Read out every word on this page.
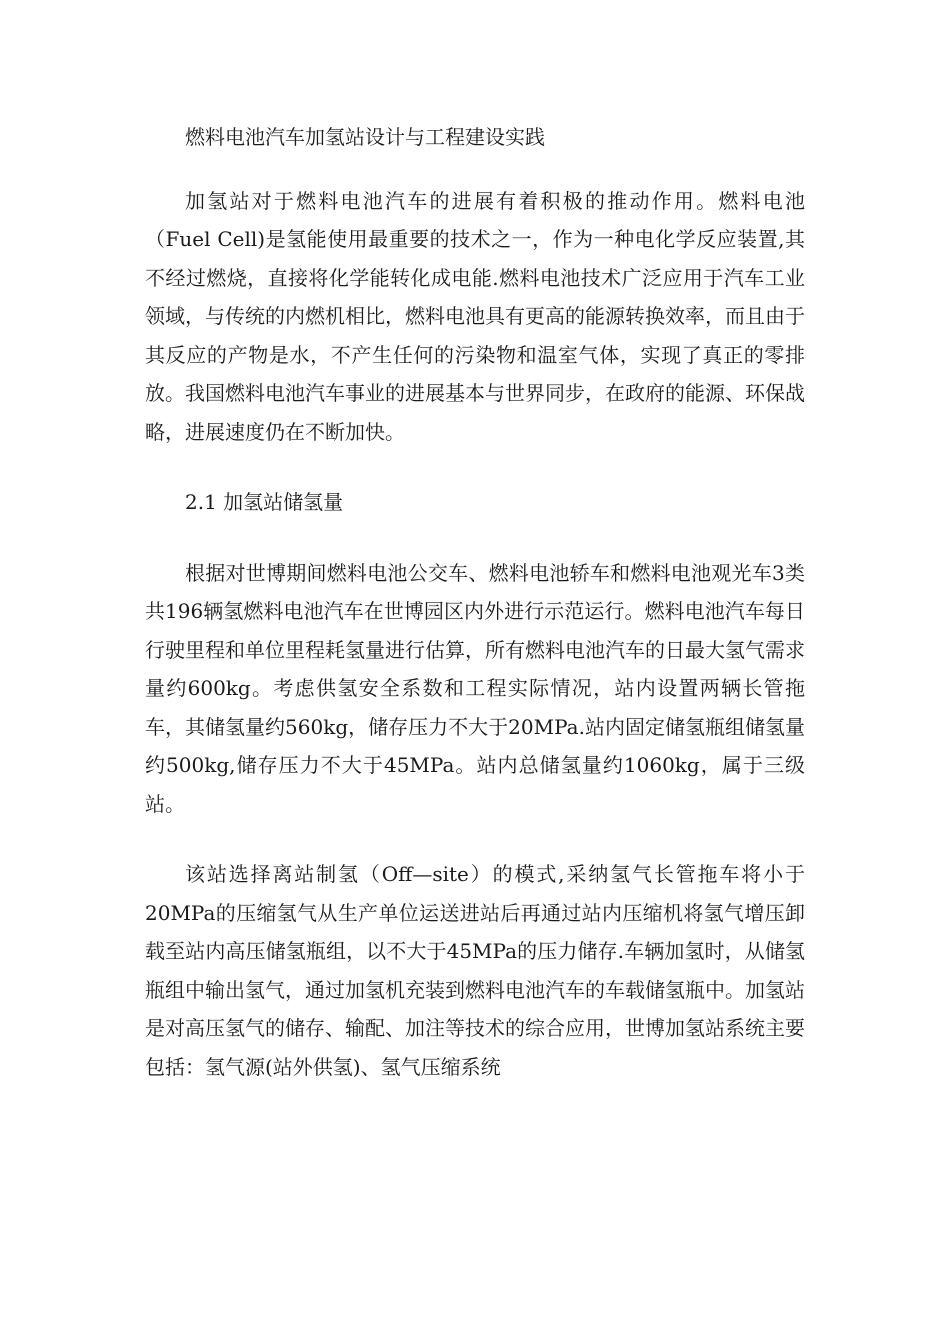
燃料电池汽车加氢站设计与工程建设实践

加氢站对于燃料电池汽车的进展有着积极的推动作用。燃料电池（Fuel Cell)是氢能使用最重要的技术之一，作为一种电化学反应装置,其不经过燃烧，直接将化学能转化成电能.燃料电池技术广泛应用于汽车工业领域，与传统的内燃机相比，燃料电池具有更高的能源转换效率，而且由于其反应的产物是水，不产生任何的污染物和温室气体，实现了真正的零排放。我国燃料电池汽车事业的进展基本与世界同步，在政府的能源、环保战略，进展速度仍在不断加快。

2.1 加氢站储氢量

根据对世博期间燃料电池公交车、燃料电池轿车和燃料电池观光车3类共196辆氢燃料电池汽车在世博园区内外进行示范运行。燃料电池汽车每日行驶里程和单位里程耗氢量进行估算，所有燃料电池汽车的日最大氢气需求量约600kg。考虑供氢安全系数和工程实际情况，站内设置两辆长管拖车，其储氢量约560kg，储存压力不大于20MPa.站内固定储氢瓶组储氢量约500kg,储存压力不大于45MPa。站内总储氢量约1060kg，属于三级站。

该站选择离站制氢（Off—site）的模式,采纳氢气长管拖车将小于20MPa的压缩氢气从生产单位运送进站后再通过站内压缩机将氢气增压卸载至站内高压储氢瓶组，以不大于45MPa的压力储存.车辆加氢时，从储氢瓶组中输出氢气，通过加氢机充装到燃料电池汽车的车载储氢瓶中。加氢站是对高压氢气的储存、输配、加注等技术的综合应用，世博加氢站系统主要包括：氢气源(站外供氢)、氢气压缩系统
